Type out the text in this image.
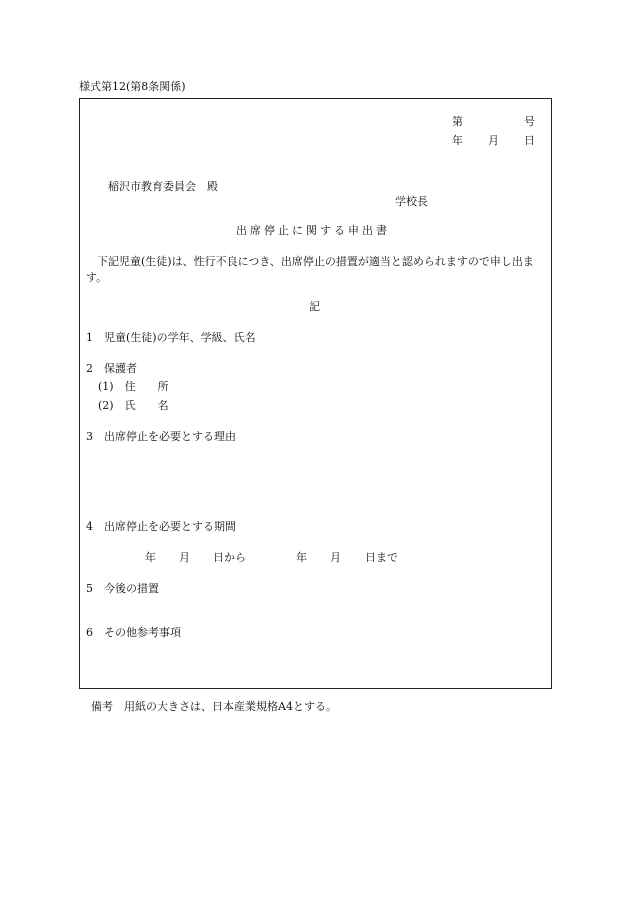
様式第12(第8条関係)
第	号
年 月 日
稲沢市教育委員会　殿
学校長
出席停止に関する申出書
下記児童(生徒)は、性行不良につき、出席停止の措置が適当と認められますので申し出ます。
記
1　児童(生徒)の学年、学級、氏名
2　保護者
(1)　住　　所
(2)　氏　　名
3　出席停止を必要とする理由
4　出席停止を必要とする期間
年 月 日から	年 月 日まで
5　今後の措置
6　その他参考事項
備考　用紙の大きさは、日本産業規格A4とする。
